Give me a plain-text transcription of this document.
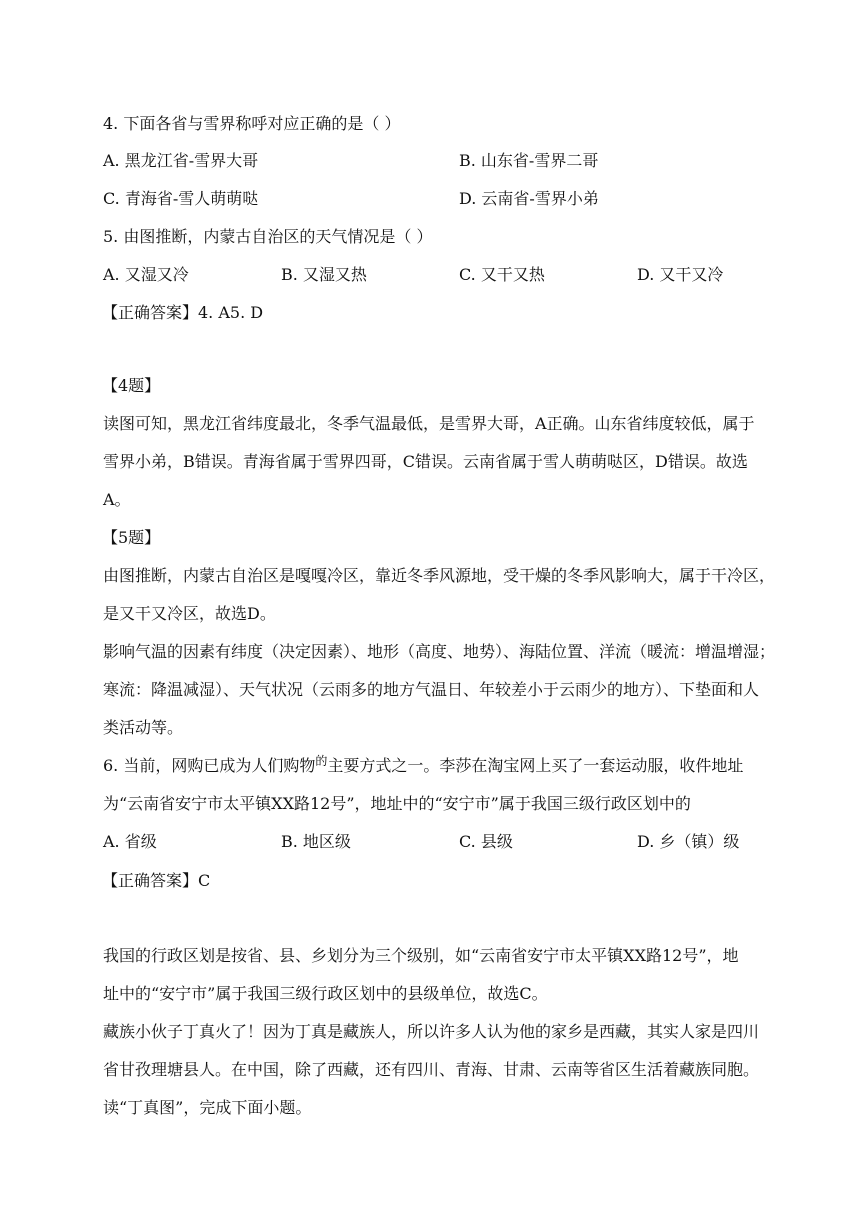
4. 下面各省与雪界称呼对应正确的是（ ）
A. 黑龙江省-雪界大哥	B. 山东省-雪界二哥
C. 青海省-雪人萌萌哒	D. 云南省-雪界小弟
5. 由图推断，内蒙古自治区的天气情况是（ ）
A. 又湿又冷	B. 又湿又热	C. 又干又热	D. 又干又冷
【正确答案】4. A5. D
【4题】
读图可知，黑龙江省纬度最北，冬季气温最低，是雪界大哥，A正确。山东省纬度较低，属于
雪界小弟，B错误。青海省属于雪界四哥，C错误。云南省属于雪人萌萌哒区，D错误。故选
A。
【5题】
由图推断，内蒙古自治区是嘎嘎冷区，靠近冬季风源地，受干燥的冬季风影响大，属于干冷区，
是又干又冷区，故选D。
影响气温的因素有纬度（决定因素）、地形（高度、地势）、海陆位置、洋流（暖流：增温增湿；
寒流：降温减湿）、天气状况（云雨多的地方气温日、年较差小于云雨少的地方）、下垫面和人
类活动等。
6. 当前，网购已成为人们购物$^的$主要方式之一。李莎在淘宝网上买了一套运动服，收件地址
为“云南省安宁市太平镇XX路12号”，地址中的“安宁市”属于我国三级行政区划中的
A. 省级	B. 地区级	C. 县级	D. 乡（镇）级
【正确答案】C
我国的行政区划是按省、县、乡划分为三个级别，如“云南省安宁市太平镇XX路12号”，地
址中的“安宁市”属于我国三级行政区划中的县级单位，故选C。
藏族小伙子丁真火了！因为丁真是藏族人，所以许多人认为他的家乡是西藏，其实人家是四川
省甘孜理塘县人。在中国，除了西藏，还有四川、青海、甘肃、云南等省区生活着藏族同胞。
读“丁真图”，完成下面小题。
